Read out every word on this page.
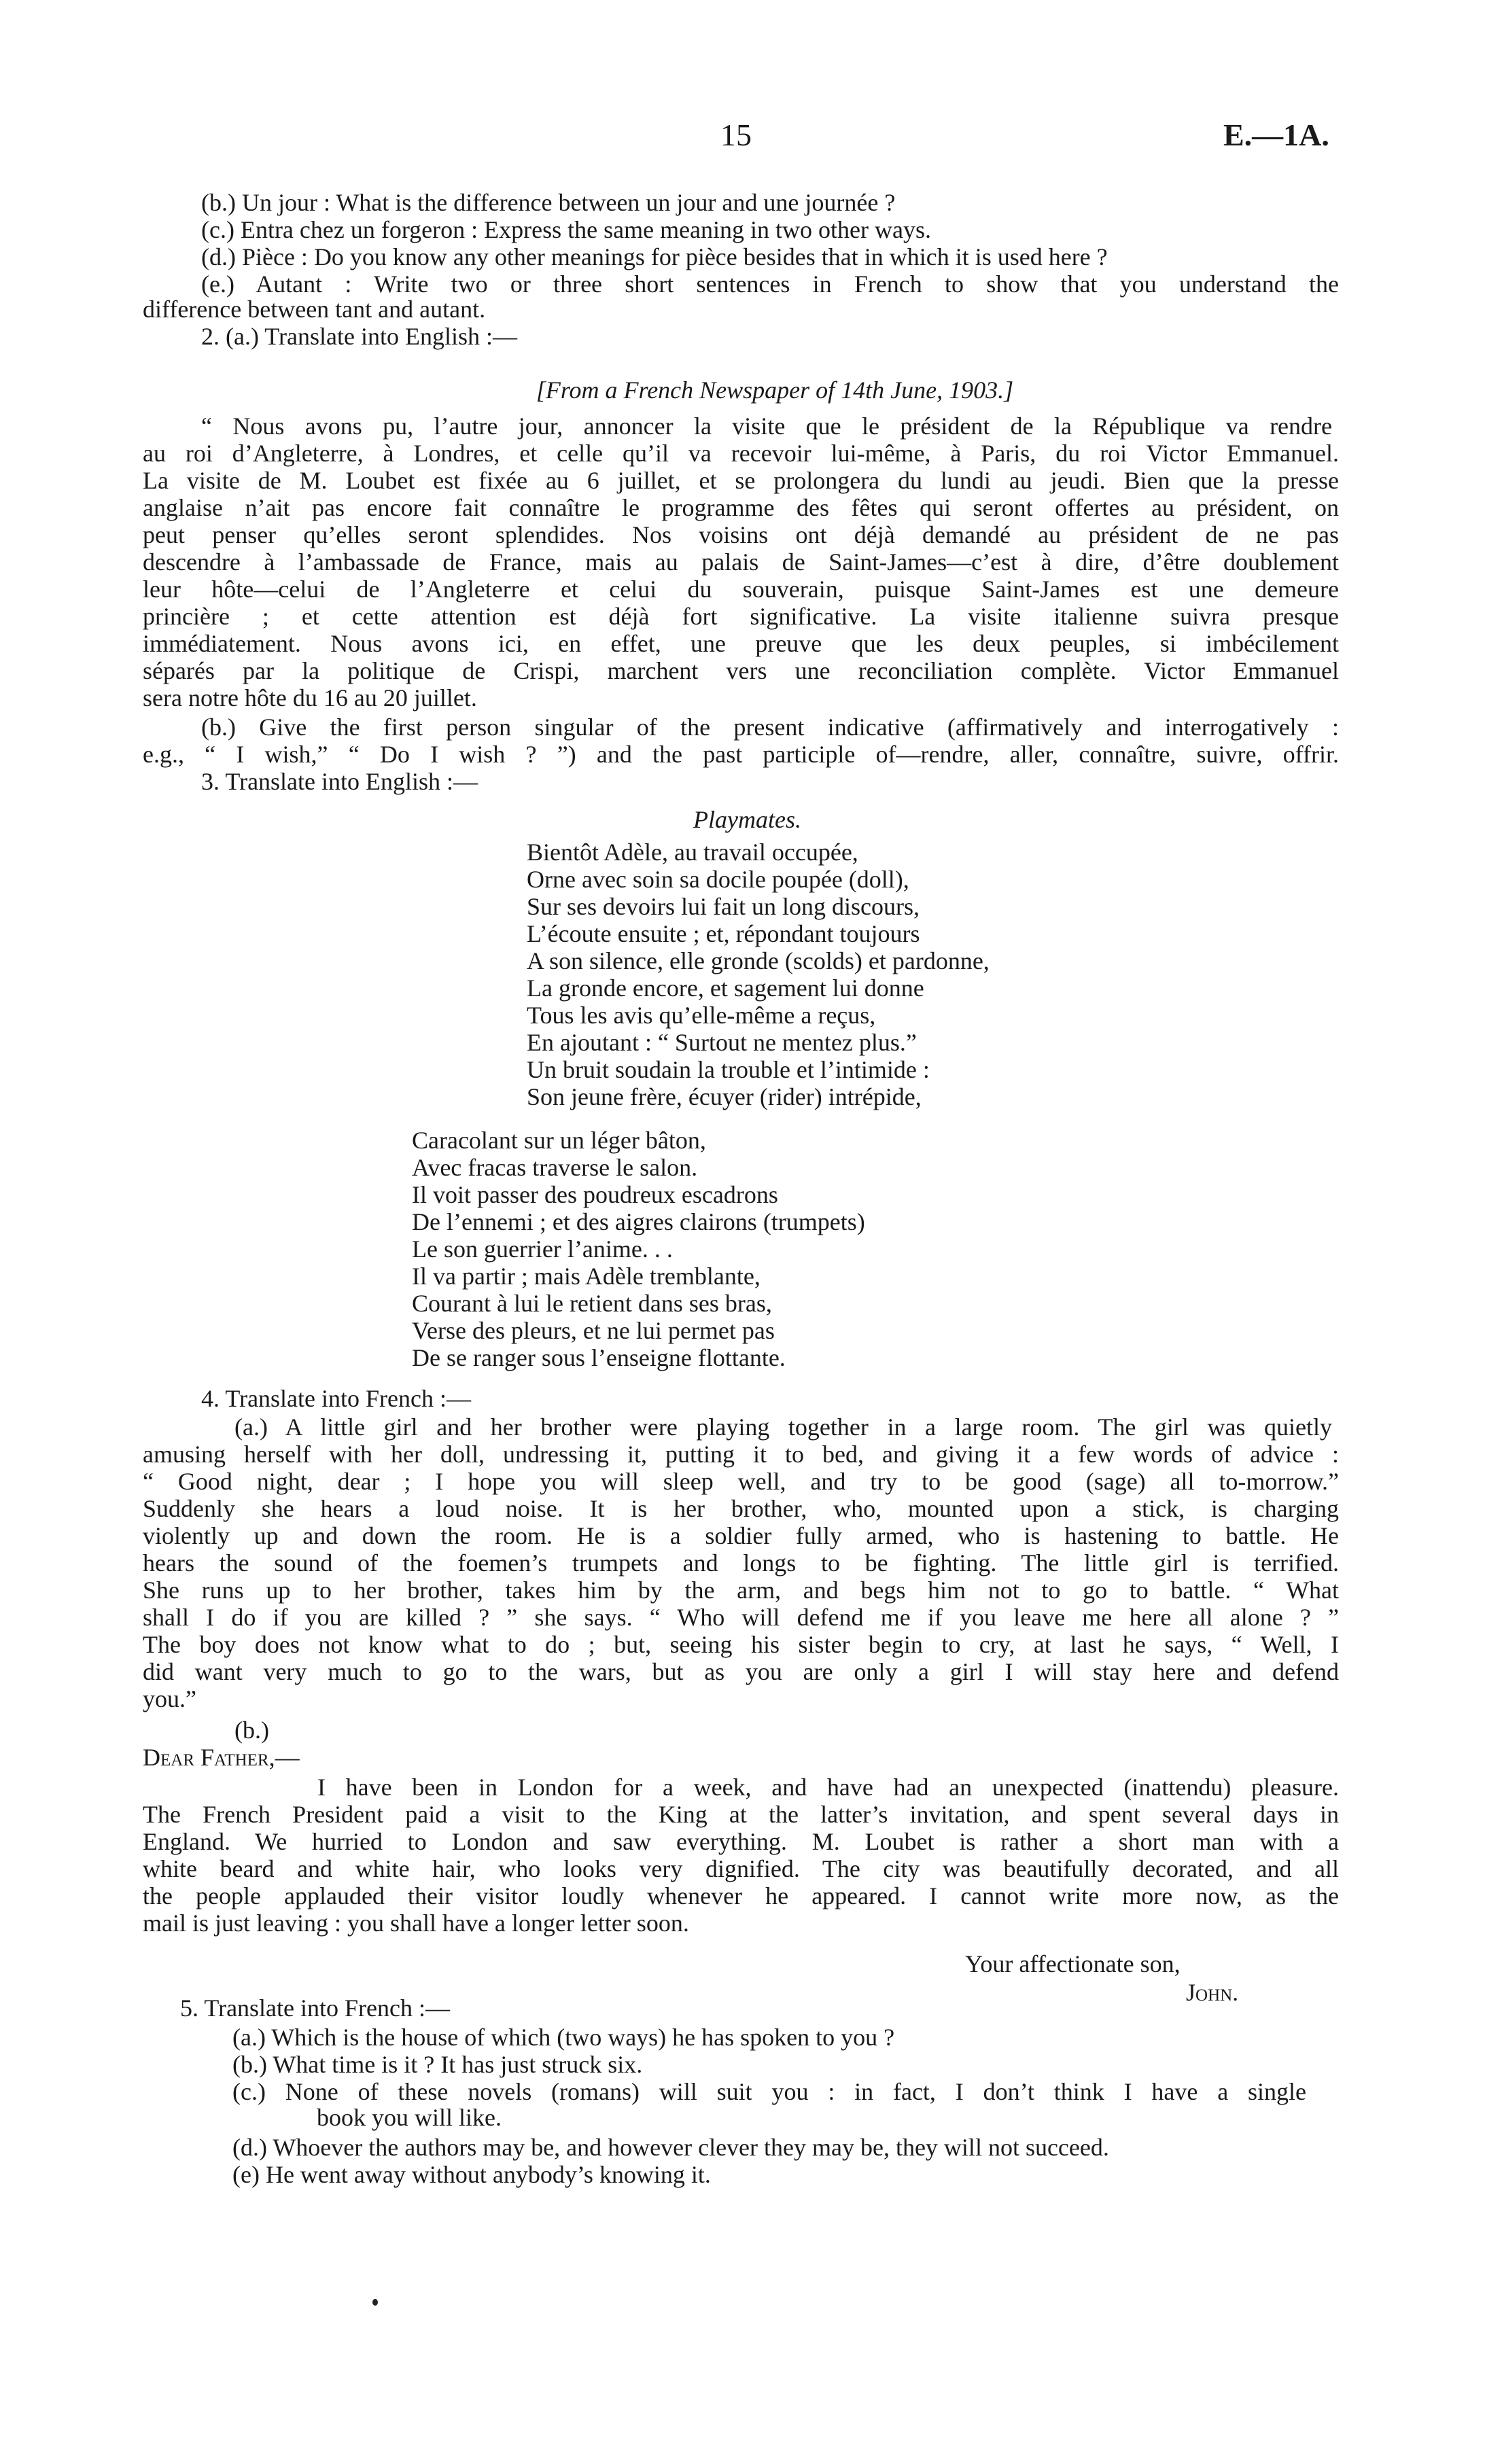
15	E.—1A.
(b.) Un jour : What is the difference between un jour and une journée ?
(c.) Entra chez un forgeron : Express the same meaning in two other ways.
(d.) Pièce : Do you know any other meanings for pièce besides that in which it is used here ?
(e.) Autant : Write two or three short sentences in French to show that you understand the
difference between tant and autant.
2. (a.) Translate into English :—
[From a French Newspaper of 14th June, 1903.]
“ Nous avons pu, l’autre jour, annoncer la visite que le président de la République va rendre
au roi d’Angleterre, à Londres, et celle qu’il va recevoir lui-même, à Paris, du roi Victor Emmanuel.
La visite de M. Loubet est fixée au 6 juillet, et se prolongera du lundi au jeudi. Bien que la presse
anglaise n’ait pas encore fait connaître le programme des fêtes qui seront offertes au président, on
peut penser qu’elles seront splendides. Nos voisins ont déjà demandé au président de ne pas
descendre à l’ambassade de France, mais au palais de Saint-James—c’est à dire, d’être doublement
leur hôte—celui de l’Angleterre et celui du souverain, puisque Saint-James est une demeure
princière ; et cette attention est déjà fort significative. La visite italienne suivra presque
immédiatement. Nous avons ici, en effet, une preuve que les deux peuples, si imbécilement
séparés par la politique de Crispi, marchent vers une reconciliation complète. Victor Emmanuel
sera notre hôte du 16 au 20 juillet.
(b.) Give the first person singular of the present indicative (affirmatively and interrogatively :
e.g., “ I wish,” “ Do I wish ? ”) and the past participle of—rendre, aller, connaître, suivre, offrir.
3. Translate into English :—
Playmates.
Bientôt Adèle, au travail occupée,
Orne avec soin sa docile poupée (doll),
Sur ses devoirs lui fait un long discours,
L’écoute ensuite ; et, répondant toujours
A son silence, elle gronde (scolds) et pardonne,
La gronde encore, et sagement lui donne
Tous les avis qu’elle-même a reçus,
En ajoutant : “ Surtout ne mentez plus.”
Un bruit soudain la trouble et l’intimide :
Son jeune frère, écuyer (rider) intrépide,
Caracolant sur un léger bâton,
Avec fracas traverse le salon.
Il voit passer des poudreux escadrons
De l’ennemi ; et des aigres clairons (trumpets)
Le son guerrier l’anime. . .
Il va partir ; mais Adèle tremblante,
Courant à lui le retient dans ses bras,
Verse des pleurs, et ne lui permet pas
De se ranger sous l’enseigne flottante.
4. Translate into French :—
(a.) A little girl and her brother were playing together in a large room. The girl was quietly
amusing herself with her doll, undressing it, putting it to bed, and giving it a few words of advice :
“ Good night, dear ; I hope you will sleep well, and try to be good (sage) all to-morrow.”
Suddenly she hears a loud noise. It is her brother, who, mounted upon a stick, is charging
violently up and down the room. He is a soldier fully armed, who is hastening to battle. He
hears the sound of the foemen’s trumpets and longs to be fighting. The little girl is terrified.
She runs up to her brother, takes him by the arm, and begs him not to go to battle. “ What
shall I do if you are killed ? ” she says. “ Who will defend me if you leave me here all alone ? ”
The boy does not know what to do ; but, seeing his sister begin to cry, at last he says, “ Well, I
did want very much to go to the wars, but as you are only a girl I will stay here and defend
you.”
(b.)
Dear Father,—
I have been in London for a week, and have had an unexpected (inattendu) pleasure.
The French President paid a visit to the King at the latter’s invitation, and spent several days in
England. We hurried to London and saw everything. M. Loubet is rather a short man with a
white beard and white hair, who looks very dignified. The city was beautifully decorated, and all
the people applauded their visitor loudly whenever he appeared. I cannot write more now, as the
mail is just leaving : you shall have a longer letter soon.
Your affectionate son,
John.
5. Translate into French :—
(a.) Which is the house of which (two ways) he has spoken to you ?
(b.) What time is it ? It has just struck six.
(c.) None of these novels (romans) will suit you : in fact, I don’t think I have a single
book you will like.
(d.) Whoever the authors may be, and however clever they may be, they will not succeed.
(e) He went away without anybody’s knowing it.
